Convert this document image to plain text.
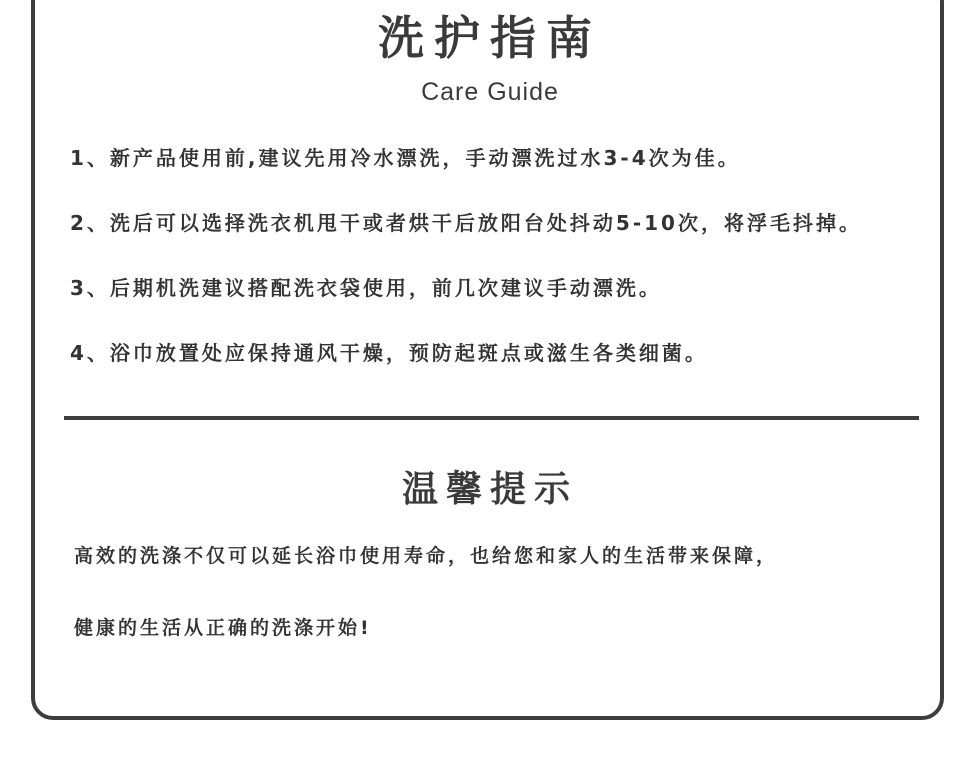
洗护指南
Care Guide
1、新产品使用前,建议先用冷水漂洗，手动漂洗过水3-4次为佳。
2、洗后可以选择洗衣机甩干或者烘干后放阳台处抖动5-10次，将浮毛抖掉。
3、后期机洗建议搭配洗衣袋使用，前几次建议手动漂洗。
4、浴巾放置处应保持通风干燥，预防起斑点或滋生各类细菌。
温馨提示
高效的洗涤不仅可以延长浴巾使用寿命，也给您和家人的生活带来保障，
健康的生活从正确的洗涤开始!
